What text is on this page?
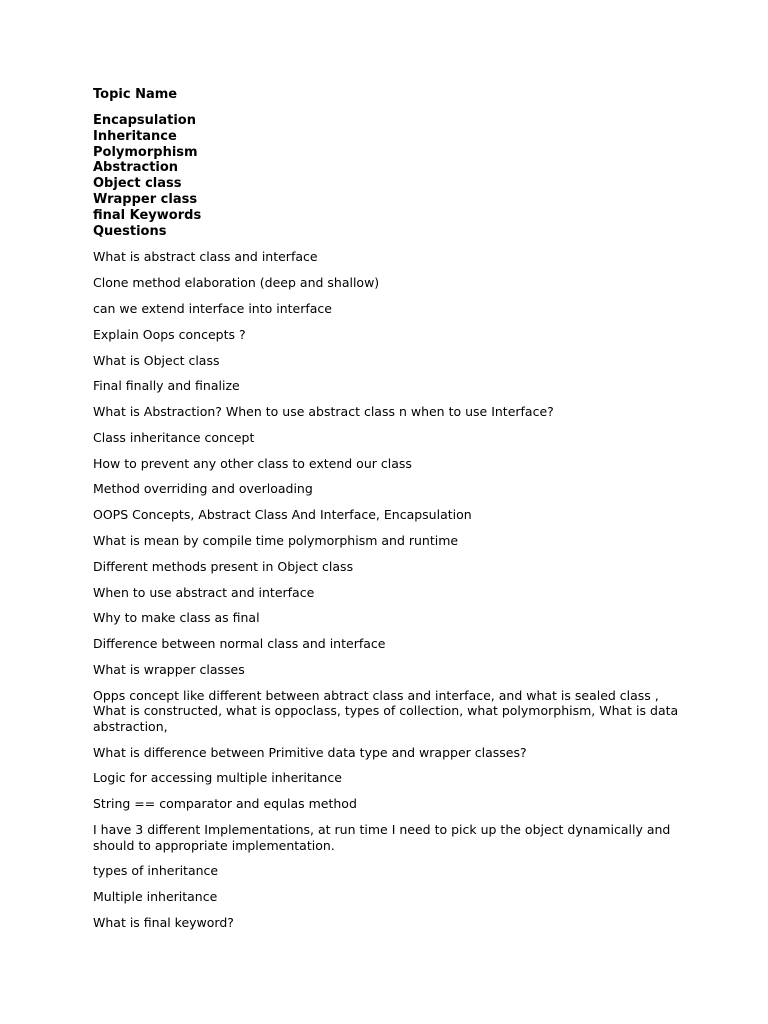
Topic Name
Encapsulation
Inheritance
Polymorphism
Abstraction
Object class
Wrapper class
final Keywords
Questions
What is abstract class and interface
Clone method elaboration (deep and shallow)
can we extend interface into interface
Explain Oops concepts ?
What is Object class
Final finally and finalize
What is Abstraction? When to use abstract class n when to use Interface?
Class inheritance concept
How to prevent any other class to extend our class
Method overriding and overloading
OOPS Concepts, Abstract Class And Interface, Encapsulation
What is mean by compile time polymorphism and runtime
Different methods present in Object class
When to use abstract and interface
Why to make class as final
Difference between normal class and interface
What is wrapper classes
Opps concept like different between abtract class and interface, and what is sealed class , What is constructed, what is oppoclass, types of collection, what polymorphism, What is data abstraction,
What is difference between Primitive data type and wrapper classes?
Logic for accessing multiple inheritance
String == comparator and equlas method
I have 3 different Implementations, at run time I need to pick up the object dynamically and should to appropriate implementation.
types of inheritance
Multiple inheritance
What is final keyword?
